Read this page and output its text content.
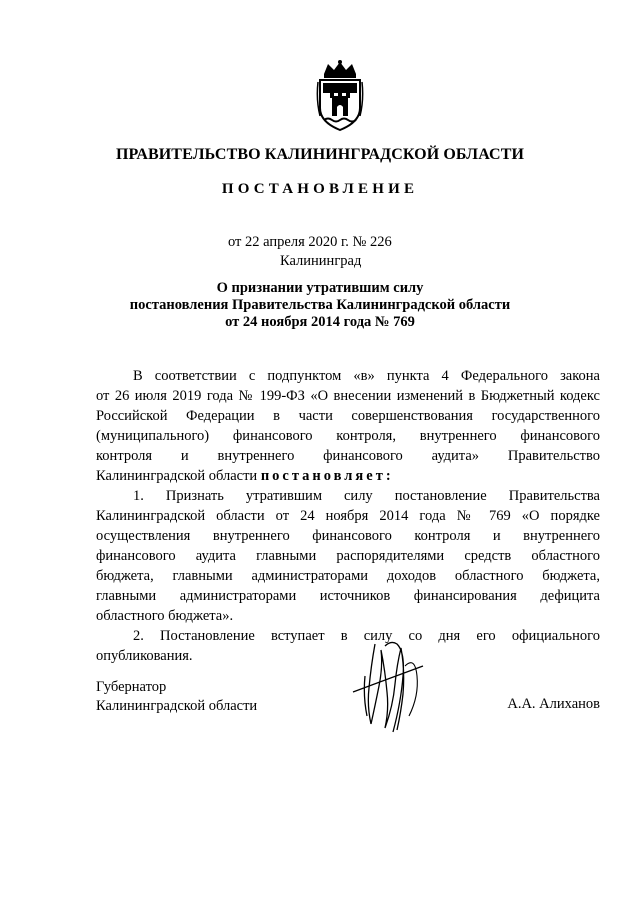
ПРАВИТЕЛЬСТВО КАЛИНИНГРАДСКОЙ ОБЛАСТИ
ПОСТАНОВЛЕНИЕ
от 22 апреля 2020 г. № 226
Калининград
О признании утратившим силу
постановления Правительства Калининградской области
от 24 ноября 2014 года № 769
В соответствии с подпунктом «в» пункта 4 Федерального закона
от 26 июля 2019 года № 199-ФЗ «О внесении изменений в Бюджетный кодекс
Российской Федерации в части совершенствования государственного
(муниципального) финансового контроля, внутреннего финансового
контроля и внутреннего финансового аудита» Правительство
Калининградской области постановляет:
1. Признать утратившим силу постановление Правительства
Калининградской области от 24 ноября 2014 года № 769 «О порядке
осуществления внутреннего финансового контроля и внутреннего
финансового аудита главными распорядителями средств областного
бюджета, главными администраторами доходов областного бюджета,
главными администраторами источников финансирования дефицита
областного бюджета».
2. Постановление вступает в силу со дня его официального
опубликования.
Губернатор
Калининградской области	А.А. Алиханов
